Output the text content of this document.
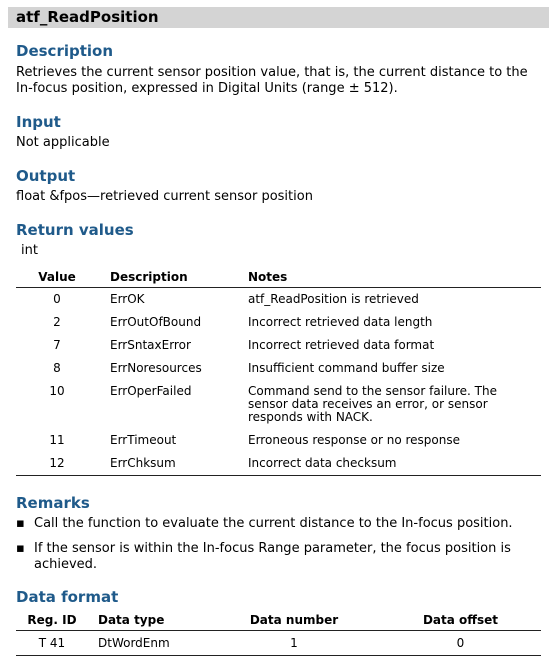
atf_ReadPosition
Description
Retrieves the current sensor position value, that is, the current distance to the In-focus position, expressed in Digital Units (range ± 512).
Input
Not applicable
Output
float &fpos—retrieved current sensor position
Return values
int
Value	Description	Notes
0	ErrOK	atf_ReadPosition is retrieved
2	ErrOutOfBound	Incorrect retrieved data length
7	ErrSntaxError	Incorrect retrieved data format
8	ErrNoresources	Insufficient command buffer size
10	ErrOperFailed	Command send to the sensor failure. The sensor data receives an error, or sensor responds with NACK.
11	ErrTimeout	Erroneous response or no response
12	ErrChksum	Incorrect data checksum
Remarks
▪ Call the function to evaluate the current distance to the In-focus position.
▪ If the sensor is within the In-focus Range parameter, the focus position is achieved.
Data format
Reg. ID	Data type	Data number	Data offset
T 41	DtWordEnm	1	0
